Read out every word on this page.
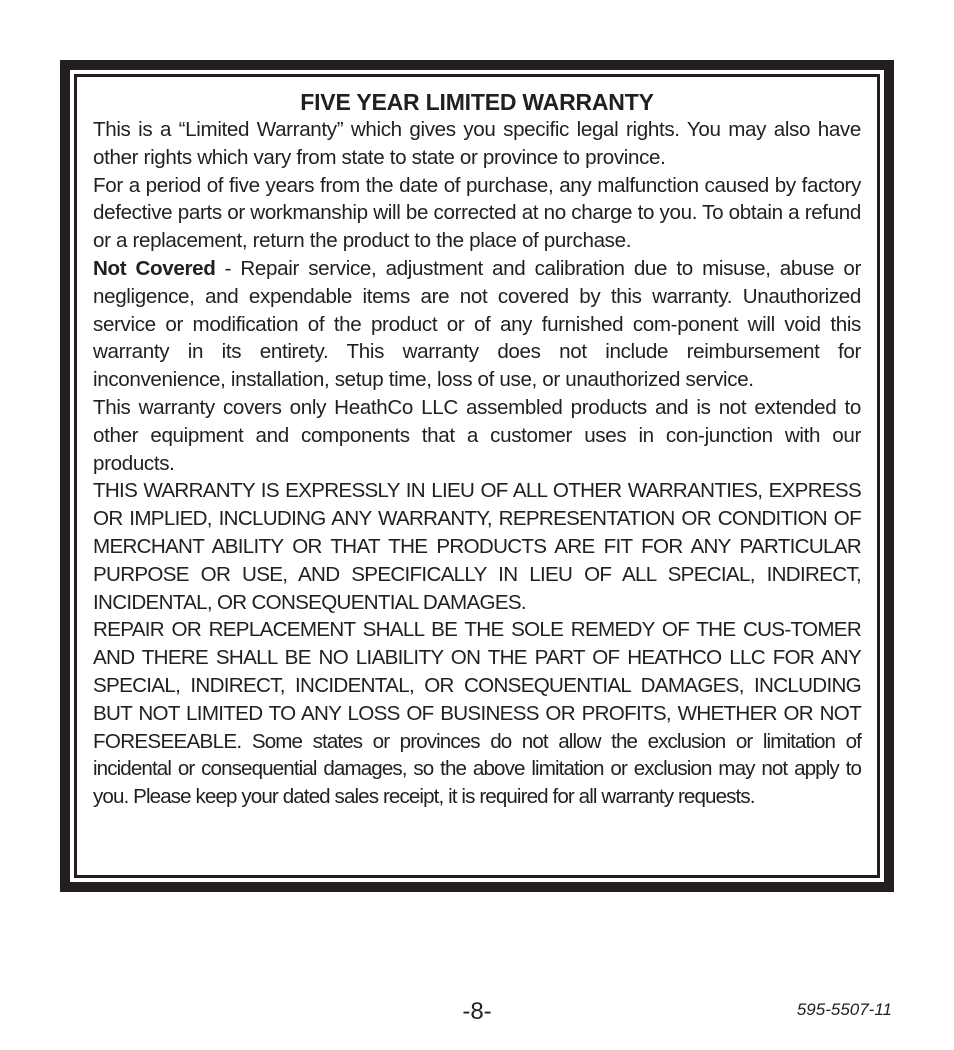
FIVE YEAR LIMITED WARRANTY

This is a “Limited Warranty” which gives you specific legal rights. You may also have other rights which vary from state to state or province to province.

For a period of five years from the date of purchase, any malfunction caused by factory defective parts or workmanship will be corrected at no charge to you. To obtain a refund or a replacement, return the product to the place of purchase.

Not Covered - Repair service, adjustment and calibration due to misuse, abuse or negligence, and expendable items are not covered by this warranty. Unauthorized service or modification of the product or of any furnished com-ponent will void this warranty in its entirety. This warranty does not include reimbursement for inconvenience, installation, setup time, loss of use, or unauthorized service.

This warranty covers only HeathCo LLC assembled products and is not extended to other equipment and components that a customer uses in con-junction with our products.

THIS WARRANTY IS EXPRESSLY IN LIEU OF ALL OTHER WARRANTIES, EXPRESS OR IMPLIED, INCLUDING ANY WARRANTY, REPRESENTATION OR CONDITION OF MERCHANT ABILITY OR THAT THE PRODUCTS ARE FIT FOR ANY PARTICULAR PURPOSE OR USE, AND SPECIFICALLY IN LIEU OF ALL SPECIAL, INDIRECT, INCIDENTAL, OR CONSEQUENTIAL DAMAGES.

REPAIR OR REPLACEMENT SHALL BE THE SOLE REMEDY OF THE CUS-TOMER AND THERE SHALL BE NO LIABILITY ON THE PART OF HEATHCO LLC FOR ANY SPECIAL, INDIRECT, INCIDENTAL, OR CONSEQUENTIAL DAMAGES, INCLUDING BUT NOT LIMITED TO ANY LOSS OF BUSINESS OR PROFITS, WHETHER OR NOT FORESEEABLE. Some states or provinces do not allow the exclusion or limitation of incidental or consequential damages, so the above limitation or exclusion may not apply to you. Please keep your dated sales receipt, it is required for all warranty requests.

-8-	595-5507-11
